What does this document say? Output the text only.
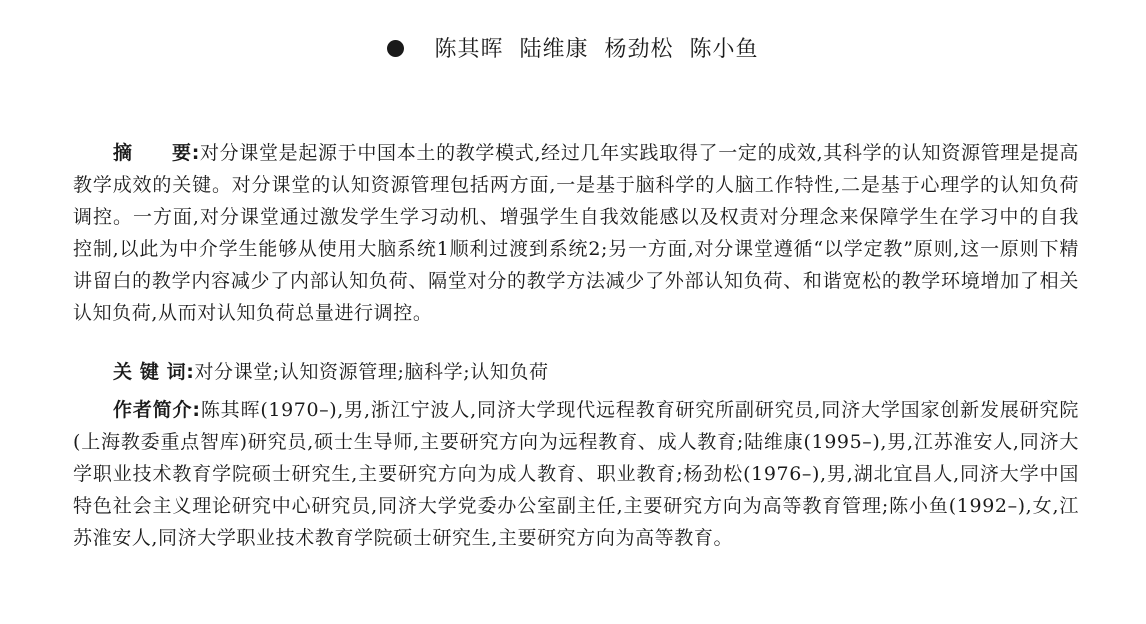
陈其晖 陆维康 杨劲松 陈小鱼

摘　　要:对分课堂是起源于中国本土的教学模式,经过几年实践取得了一定的成效,其科学的认知资源管理是提高教学成效的关键。对分课堂的认知资源管理包括两方面,一是基于脑科学的人脑工作特性,二是基于心理学的认知负荷调控。一方面,对分课堂通过激发学生学习动机、增强学生自我效能感以及权责对分理念来保障学生在学习中的自我控制,以此为中介学生能够从使用大脑系统1顺利过渡到系统2;另一方面,对分课堂遵循“以学定教”原则,这一原则下精讲留白的教学内容减少了内部认知负荷、隔堂对分的教学方法减少了外部认知负荷、和谐宽松的教学环境增加了相关认知负荷,从而对认知负荷总量进行调控。

关 键 词:对分课堂;认知资源管理;脑科学;认知负荷

作者简介:陈其晖(1970–),男,浙江宁波人,同济大学现代远程教育研究所副研究员,同济大学国家创新发展研究院(上海教委重点智库)研究员,硕士生导师,主要研究方向为远程教育、成人教育;陆维康(1995–),男,江苏淮安人,同济大学职业技术教育学院硕士研究生,主要研究方向为成人教育、职业教育;杨劲松(1976–),男,湖北宜昌人,同济大学中国特色社会主义理论研究中心研究员,同济大学党委办公室副主任,主要研究方向为高等教育管理;陈小鱼(1992–),女,江苏淮安人,同济大学职业技术教育学院硕士研究生,主要研究方向为高等教育。
